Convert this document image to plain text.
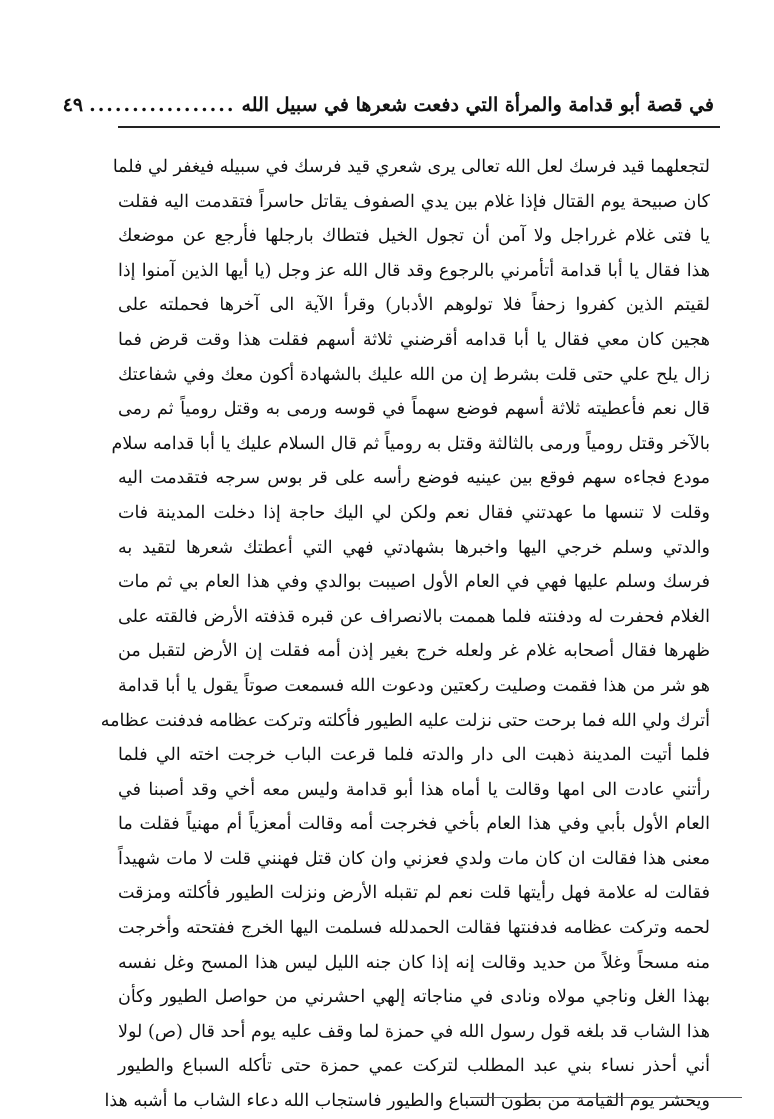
في قصة أبو قدامة والمرأة التي دفعت شعرها في سبيل الله
.................
٤٩
لتجعلهما قيد فرسك لعل الله تعالى يرى شعري قيد فرسك في سبيله فيغفر لي فلما
كان صبيحة يوم القتال فإذا غلام بين يدي الصفوف يقاتل حاسراً فتقدمت اليه فقلت
يا فتى غلام غرراجل ولا آمن أن تجول الخيل فتطاك بارجلها فأرجع عن موضعك
هذا فقال يا أبا قدامة أتأمرني بالرجوع وقد قال الله عز وجل (يا أيها الذين آمنوا إذا
لقيتم الذين كفروا زحفاً فلا تولوهم الأدبار) وقرأ الآية الى آخرها فحملته على
هجين كان معي فقال يا أبا قدامه أقرضني ثلاثة أسهم فقلت هذا وقت قرض فما
زال يلح علي حتى قلت بشرط إن من الله عليك بالشهادة أكون معك وفي شفاعتك
قال نعم فأعطيته ثلاثة أسهم فوضع سهماً في قوسه ورمى به وقتل رومياً ثم رمى
بالآخر وقتل رومياً ورمى بالثالثة وقتل به رومياً ثم قال السلام عليك يا أبا قدامه سلام
مودع فجاءه سهم فوقع بين عينيه فوضع رأسه على قر بوس سرجه فتقدمت اليه
وقلت لا تنسها ما عهدتني فقال نعم ولكن لي اليك حاجة إذا دخلت المدينة فات
والدتي وسلم خرجي اليها واخبرها بشهادتي فهي التي أعطتك شعرها لتقيد به
فرسك وسلم عليها فهي في العام الأول اصيبت بوالدي وفي هذا العام بي ثم مات
الغلام فحفرت له ودفنته فلما هممت بالانصراف عن قبره قذفته الأرض فالقته على
ظهرها فقال أصحابه غلام غر ولعله خرج بغير إذن أمه فقلت إن الأرض لتقبل من
هو شر من هذا فقمت وصليت ركعتين ودعوت الله فسمعت صوتاً يقول يا أبا قدامة
أترك ولي الله فما برحت حتى نزلت عليه الطيور فأكلته وتركت عظامه فدفنت عظامه
فلما أتيت المدينة ذهبت الى دار والدته فلما قرعت الباب خرجت اخته الي فلما
رأتني عادت الى امها وقالت يا أماه هذا أبو قدامة وليس معه أخي وقد أصبنا في
العام الأول بأبي وفي هذا العام بأخي فخرجت أمه وقالت أمعزياً أم مهنياً فقلت ما
معنى هذا فقالت ان كان مات ولدي فعزني وان كان قتل فهنني قلت لا مات شهيداً
فقالت له علامة فهل رأيتها قلت نعم لم تقبله الأرض ونزلت الطيور فأكلته ومزقت
لحمه وتركت عظامه فدفنتها فقالت الحمدلله فسلمت اليها الخرج ففتحته وأخرجت
منه مسحاً وغلاً من حديد وقالت إنه إذا كان جنه الليل ليس هذا المسح وغل نفسه
بهذا الغل وناجي مولاه ونادى في مناجاته إلهي احشرني من حواصل الطيور وكأن
هذا الشاب قد بلغه قول رسول الله في حمزة لما وقف عليه يوم أحد قال (ص) لولا
أني أحذر نساء بني عبد المطلب لتركت عمي حمزة حتى تأكله السباع والطيور
ويحشر يوم القيامة من بطون السباع والطيور فاستجاب الله دعاء الشاب ما أشبه هذا
